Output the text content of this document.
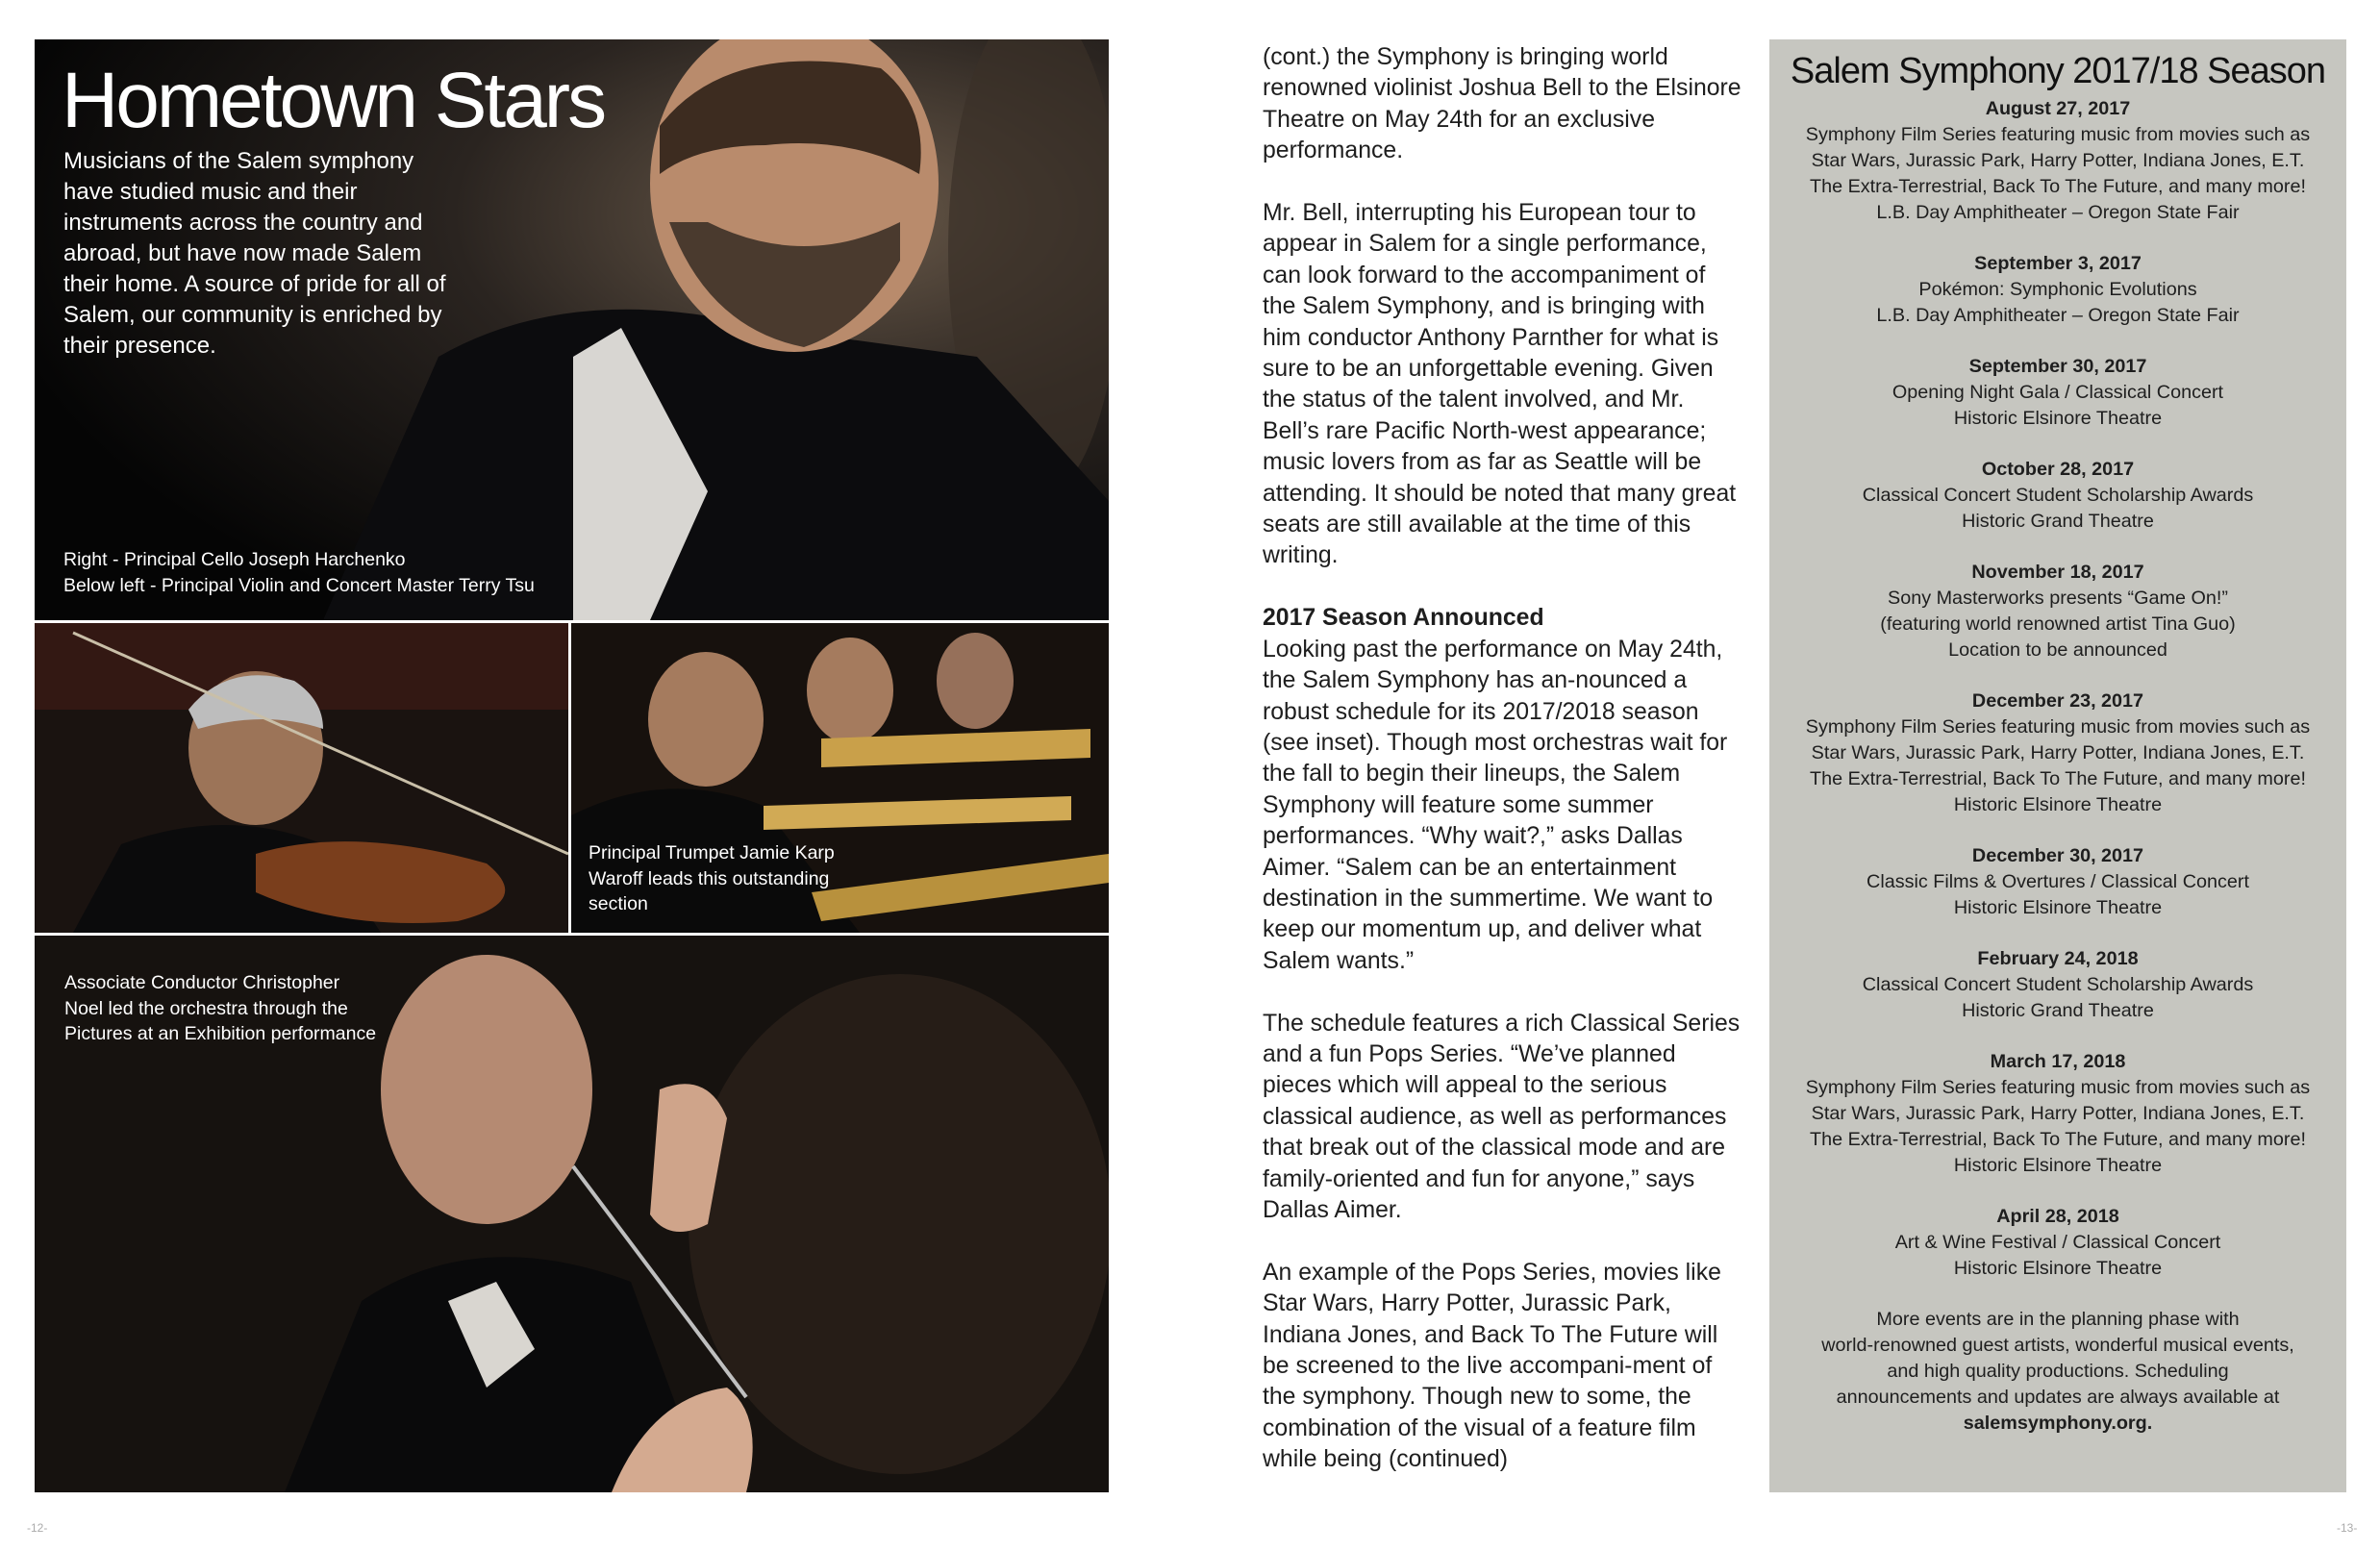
Hometown Stars

Musicians of the Salem symphony have studied music and their instruments across the country and abroad, but have now made Salem their home. A source of pride for all of Salem, our community is enriched by their presence.

Right - Principal Cello Joseph Harchenko
Below left - Principal Violin and Concert Master Terry Tsu

Principal Trumpet Jamie Karp Waroff leads this outstanding section

Associate Conductor Christopher Noel led the orchestra through the Pictures at an Exhibition performance

(cont.) the Symphony is bringing world renowned violinist Joshua Bell to the Elsinore Theatre on May 24th for an exclusive performance.

Mr. Bell, interrupting his European tour to appear in Salem for a single performance, can look forward to the accompaniment of the Salem Symphony, and is bringing with him conductor Anthony Parnther for what is sure to be an unforgettable evening. Given the status of the talent involved, and Mr. Bell’s rare Pacific North-west appearance; music lovers from as far as Seattle will be attending. It should be noted that many great seats are still available at the time of this writing.

2017 Season Announced

Looking past the performance on May 24th, the Salem Symphony has an-nounced a robust schedule for its 2017/2018 season (see inset). Though most orchestras wait for the fall to begin their lineups, the Salem Symphony will feature some summer performances. “Why wait?,” asks Dallas Aimer. “Salem can be an entertainment destination in the summertime. We want to keep our momentum up, and deliver what Salem wants.”

The schedule features a rich Classical Series and a fun Pops Series. “We’ve planned pieces which will appeal to the serious classical audience, as well as performances that break out of the classical mode and are family-oriented and fun for anyone,” says Dallas Aimer.

An example of the Pops Series, movies like Star Wars, Harry Potter, Jurassic Park, Indiana Jones, and Back To The Future will be screened to the live accompani-ment of the symphony. Though new to some, the combination of the visual of a feature film while being (continued)

Salem Symphony 2017/18 Season
August 27, 2017
Symphony Film Series featuring music from movies such as
Star Wars, Jurassic Park, Harry Potter, Indiana Jones, E.T.
The Extra-Terrestrial, Back To The Future, and many more!
L.B. Day Amphitheater – Oregon State Fair
September 3, 2017
Pokémon: Symphonic Evolutions
L.B. Day Amphitheater – Oregon State Fair
September 30, 2017
Opening Night Gala / Classical Concert
Historic Elsinore Theatre
October 28, 2017
Classical Concert Student Scholarship Awards
Historic Grand Theatre
November 18, 2017
Sony Masterworks presents “Game On!”
(featuring world renowned artist Tina Guo)
Location to be announced
December 23, 2017
Symphony Film Series featuring music from movies such as
Star Wars, Jurassic Park, Harry Potter, Indiana Jones, E.T.
The Extra-Terrestrial, Back To The Future, and many more!
Historic Elsinore Theatre
December 30, 2017
Classic Films & Overtures / Classical Concert
Historic Elsinore Theatre
February 24, 2018
Classical Concert Student Scholarship Awards
Historic Grand Theatre
March 17, 2018
Symphony Film Series featuring music from movies such as
Star Wars, Jurassic Park, Harry Potter, Indiana Jones, E.T.
The Extra-Terrestrial, Back To The Future, and many more!
Historic Elsinore Theatre
April 28, 2018
Art & Wine Festival / Classical Concert
Historic Elsinore Theatre
More events are in the planning phase with
world-renowned guest artists, wonderful musical events,
and high quality productions. Scheduling
announcements and updates are always available at
salemsymphony.org.
-12-	-13-
